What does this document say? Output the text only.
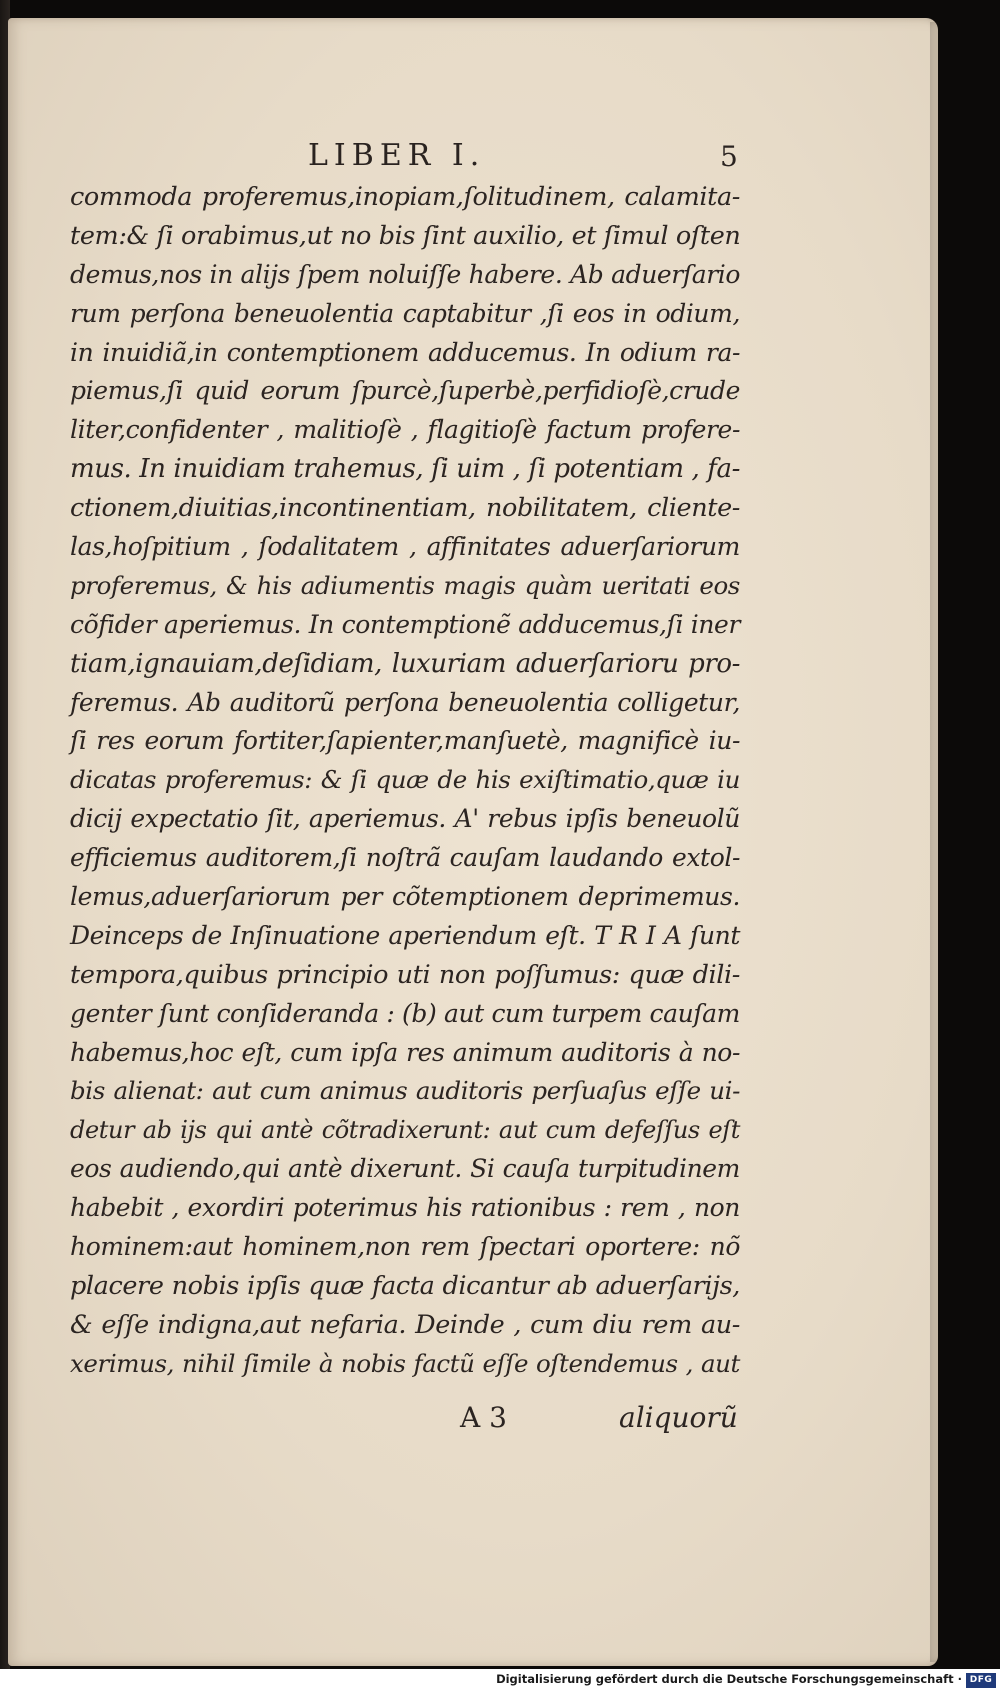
LIBER I.	5
commoda proferemus,inopiam,ſolitudinem, calamita-
tem:& ſi orabimus,ut no bis ſint auxilio, et ſimul oſten
demus,nos in alijs ſpem noluiſſe habere. Ab aduerſario
rum perſona beneuolentia captabitur ,ſi eos in odium,
in inuidiã,in contemptionem adducemus. In odium ra-
piemus,ſi quid eorum ſpurcè,ſuperbè,perfidioſè,crude
liter,confidenter , malitioſè , flagitioſè factum profere-
mus. In inuidiam trahemus, ſi uim , ſi potentiam , fa-
ctionem,diuitias,incontinentiam, nobilitatem, cliente-
las,hoſpitium , ſodalitatem , affinitates aduerſariorum
proferemus, & his adiumentis magis quàm ueritati eos
cõfider aperiemus. In contemptionẽ adducemus,ſi iner
tiam,ignauiam,deſidiam, luxuriam aduerſarioru pro-
feremus. Ab auditorũ perſona beneuolentia colligetur,
ſi res eorum fortiter,ſapienter,manſuetè, magnificè iu-
dicatas proferemus: & ſi quæ de his exiſtimatio,quæ iu
dicij expectatio ſit, aperiemus. A' rebus ipſis beneuolũ
efficiemus auditorem,ſi noſtrã cauſam laudando extol-
lemus,aduerſariorum per cõtemptionem deprimemus.
Deinceps de Inſinuatione aperiendum eſt. T R I A ſunt
tempora,quibus principio uti non poſſumus: quæ dili-
genter ſunt conſideranda : (b) aut cum turpem cauſam
habemus,hoc eſt, cum ipſa res animum auditoris à no-
bis alienat: aut cum animus auditoris perſuaſus eſſe ui-
detur ab ijs qui antè cõtradixerunt: aut cum defeſſus eſt
eos audiendo,qui antè dixerunt. Si cauſa turpitudinem
habebit , exordiri poterimus his rationibus : rem , non
hominem:aut hominem,non rem ſpectari oportere: nõ
placere nobis ipſis quæ facta dicantur ab aduerſarijs,
& eſſe indigna,aut nefaria. Deinde , cum diu rem au-
xerimus, nihil ſimile à nobis factũ eſſe oſtendemus , aut
A 3	aliquorũ
Digitalisierung gefördert durch die Deutsche Forschungsgemeinschaft · DFG
